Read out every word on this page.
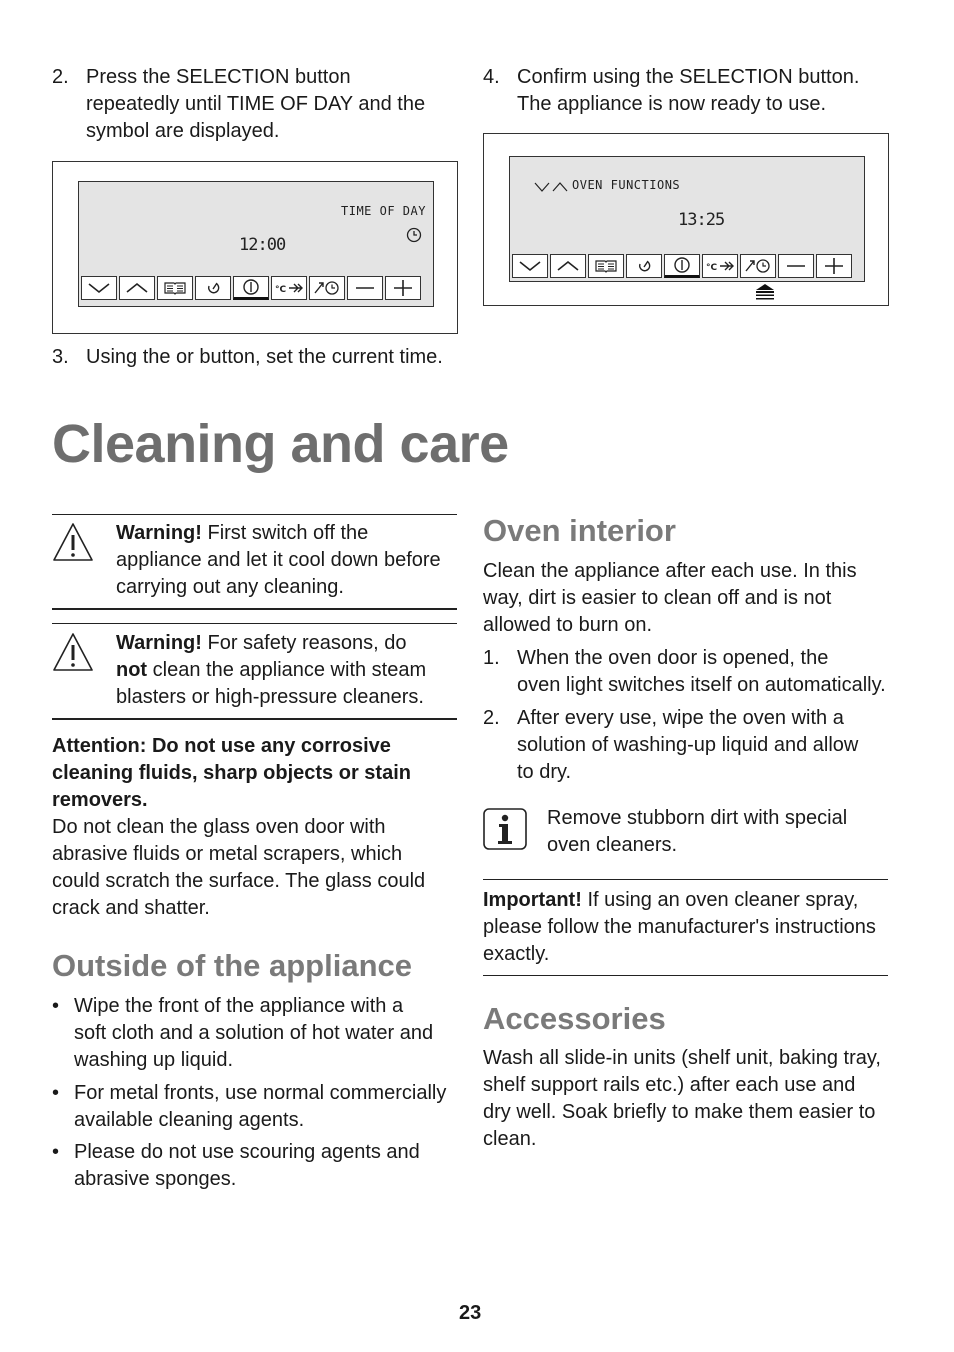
2. Press the SELECTION button
repeatedly until TIME OF DAY and the
symbol are displayed.
4. Confirm using the SELECTION button.
The appliance is now ready to use.
TIME OF DAY
12:00
°C
OVEN FUNCTIONS
13:25
°C
3. Using the or button, set the current time.
Cleaning and care
Warning! First switch off the
appliance and let it cool down before
carrying out any cleaning.
Warning! For safety reasons, do
not clean the appliance with steam
blasters or high-pressure cleaners.
Attention: Do not use any corrosive
cleaning fluids, sharp objects or stain
removers.
Do not clean the glass oven door with
abrasive fluids or metal scrapers, which
could scratch the surface. The glass could
crack and shatter.
Outside of the appliance
• Wipe the front of the appliance with a
soft cloth and a solution of hot water and
washing up liquid.
• For metal fronts, use normal commercially
available cleaning agents.
• Please do not use scouring agents and
abrasive sponges.
Oven interior
Clean the appliance after each use. In this
way, dirt is easier to clean off and is not
allowed to burn on.
1. When the oven door is opened, the
oven light switches itself on automatically.
2. After every use, wipe the oven with a
solution of washing-up liquid and allow
to dry.
Remove stubborn dirt with special
oven cleaners.
Important! If using an oven cleaner spray,
please follow the manufacturer's instructions
exactly.
Accessories
Wash all slide-in units (shelf unit, baking tray,
shelf support rails etc.) after each use and
dry well. Soak briefly to make them easier to
clean.
23
